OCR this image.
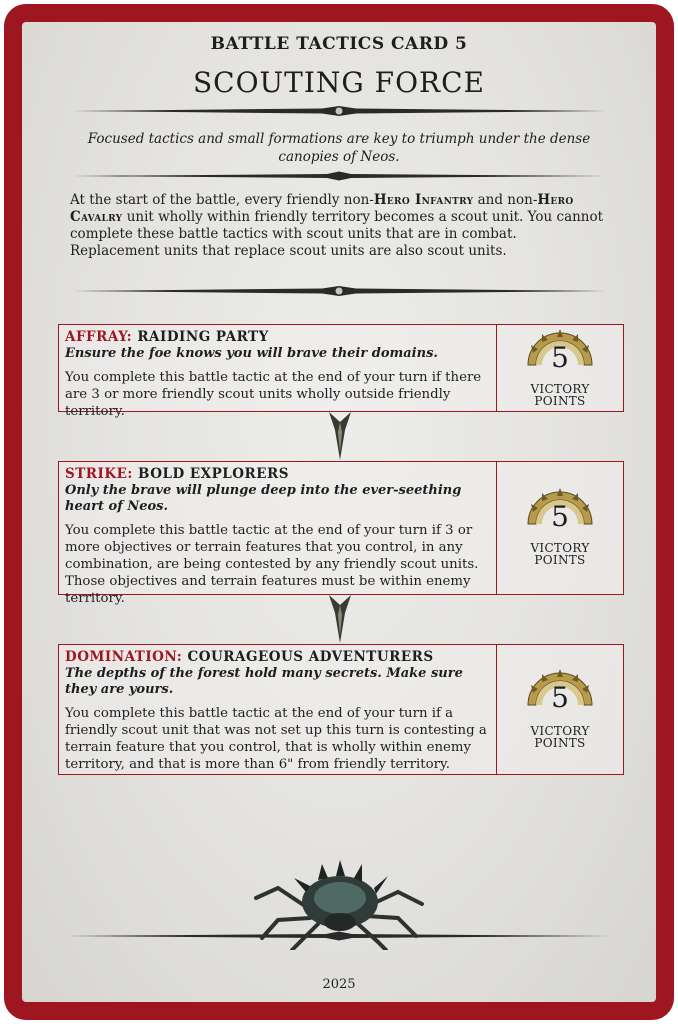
BATTLE TACTICS CARD 5
SCOUTING FORCE
Focused tactics and small formations are key to triumph under the dense canopies of Neos.
At the start of the battle, every friendly non-Hero Infantry and non-Hero Cavalry unit wholly within friendly territory becomes a scout unit. You cannot complete these battle tactics with scout units that are in combat. Replacement units that replace scout units are also scout units.
AFFRAY: RAIDING PARTY
Ensure the foe knows you will brave their domains.
You complete this battle tactic at the end of your turn if there are 3 or more friendly scout units wholly outside friendly territory.
5
VICTORY
POINTS
STRIKE: BOLD EXPLORERS
Only the brave will plunge deep into the ever-seething heart of Neos.
You complete this battle tactic at the end of your turn if 3 or more objectives or terrain features that you control, in any combination, are being contested by any friendly scout units. Those objectives and terrain features must be within enemy territory.
5
VICTORY
POINTS
DOMINATION: COURAGEOUS ADVENTURERS
The depths of the forest hold many secrets. Make sure they are yours.
You complete this battle tactic at the end of your turn if a friendly scout unit that was not set up this turn is contesting a terrain feature that you control, that is wholly within enemy territory, and that is more than 6" from friendly territory.
5
VICTORY
POINTS
2025
